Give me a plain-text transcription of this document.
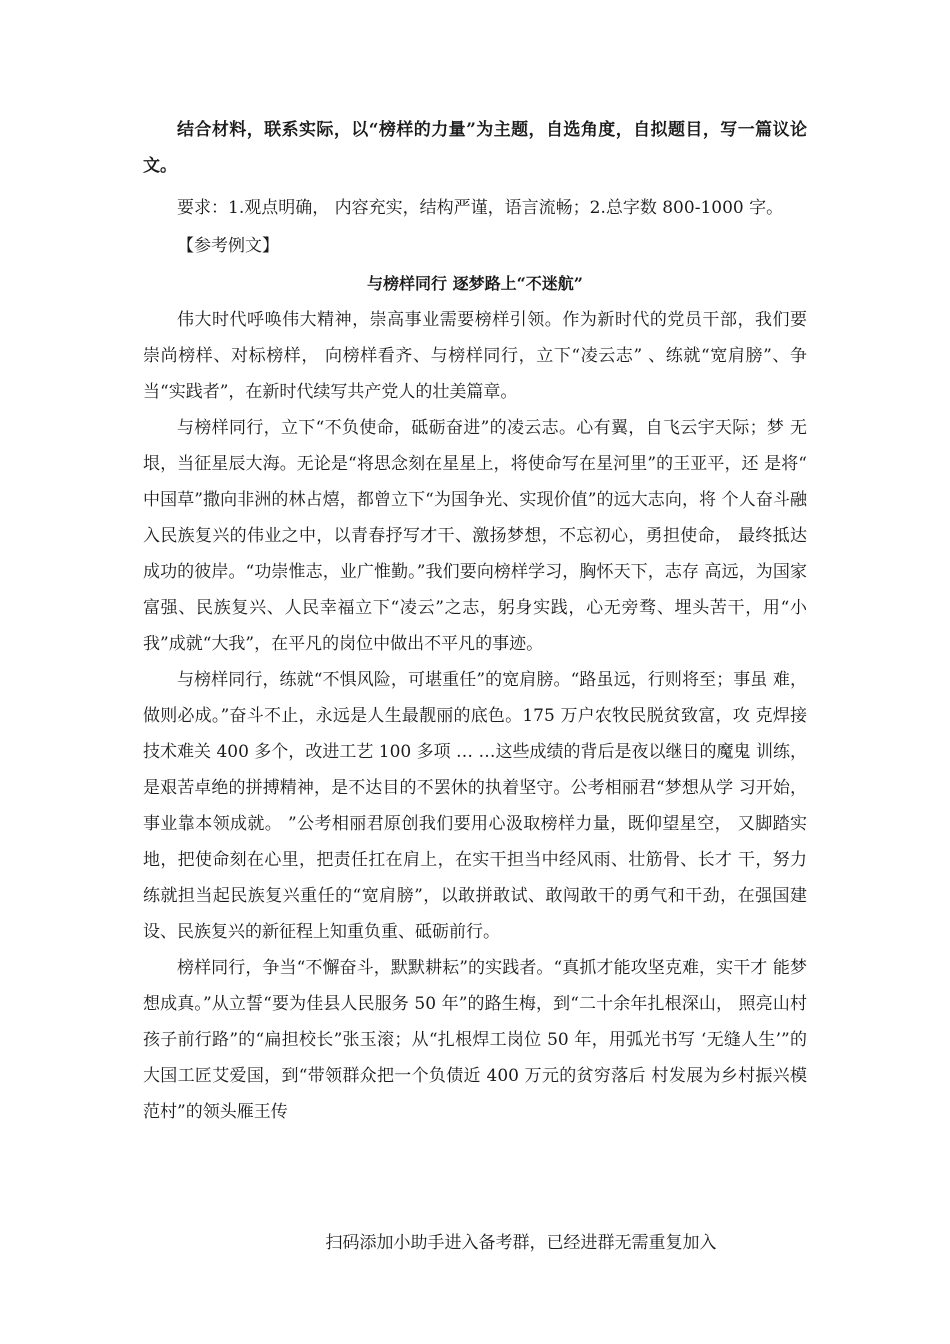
结合材料，联系实际，以“榜样的力量”为主题，自选角度，自拟题目，写一篇议论文。

要求：1.观点明确， 内容充实，结构严谨，语言流畅；2.总字数 800-1000 字。

【参考例文】

与榜样同行 逐梦路上“不迷航”

伟大时代呼唤伟大精神，崇高事业需要榜样引领。作为新时代的党员干部，我们要 崇尚榜样、对标榜样， 向榜样看齐、与榜样同行，立下“凌云志” 、练就“宽肩膀”、争当“实践者”，在新时代续写共产党人的壮美篇章。

与榜样同行，立下“不负使命，砥砺奋进”的凌云志。心有翼，自飞云宇天际；梦 无垠，当征星辰大海。无论是“将思念刻在星星上，将使命写在星河里”的王亚平，还 是将“ 中国草”撒向非洲的林占熺，都曾立下“为国争光、实现价值”的远大志向，将 个人奋斗融入民族复兴的伟业之中，以青春抒写才干、激扬梦想，不忘初心，勇担使命， 最终抵达成功的彼岸。“功崇惟志，业广惟勤。”我们要向榜样学习，胸怀天下，志存 高远，为国家富强、民族复兴、人民幸福立下“凌云”之志，躬身实践，心无旁骛、埋头苦干，用“小我”成就“大我”，在平凡的岗位中做出不平凡的事迹。

与榜样同行，练就“不惧风险，可堪重任”的宽肩膀。“路虽远，行则将至；事虽 难，做则必成。”奋斗不止，永远是人生最靓丽的底色。175 万户农牧民脱贫致富，攻 克焊接技术难关 400 多个，改进工艺 100 多项 … …这些成绩的背后是夜以继日的魔鬼 训练，是艰苦卓绝的拼搏精神，是不达目的不罢休的执着坚守。公考相丽君“梦想从学 习开始，事业靠本领成就。 ”公考相丽君原创我们要用心汲取榜样力量，既仰望星空， 又脚踏实地，把使命刻在心里，把责任扛在肩上，在实干担当中经风雨、壮筋骨、长才 干，努力练就担当起民族复兴重任的“宽肩膀”，以敢拼敢试、敢闯敢干的勇气和干劲，在强国建设、民族复兴的新征程上知重负重、砥砺前行。

榜样同行，争当“不懈奋斗，默默耕耘”的实践者。“真抓才能攻坚克难，实干才 能梦想成真。”从立誓“要为佳县人民服务 50 年”的路生梅，到“二十余年扎根深山， 照亮山村孩子前行路”的“扁担校长”张玉滚；从“扎根焊工岗位 50 年，用弧光书写 ‘无缝人生’”的大国工匠艾爱国，到“带领群众把一个负债近 400 万元的贫穷落后 村发展为乡村振兴模范村”的领头雁王传

扫码添加小助手进入备考群，已经进群无需重复加入
